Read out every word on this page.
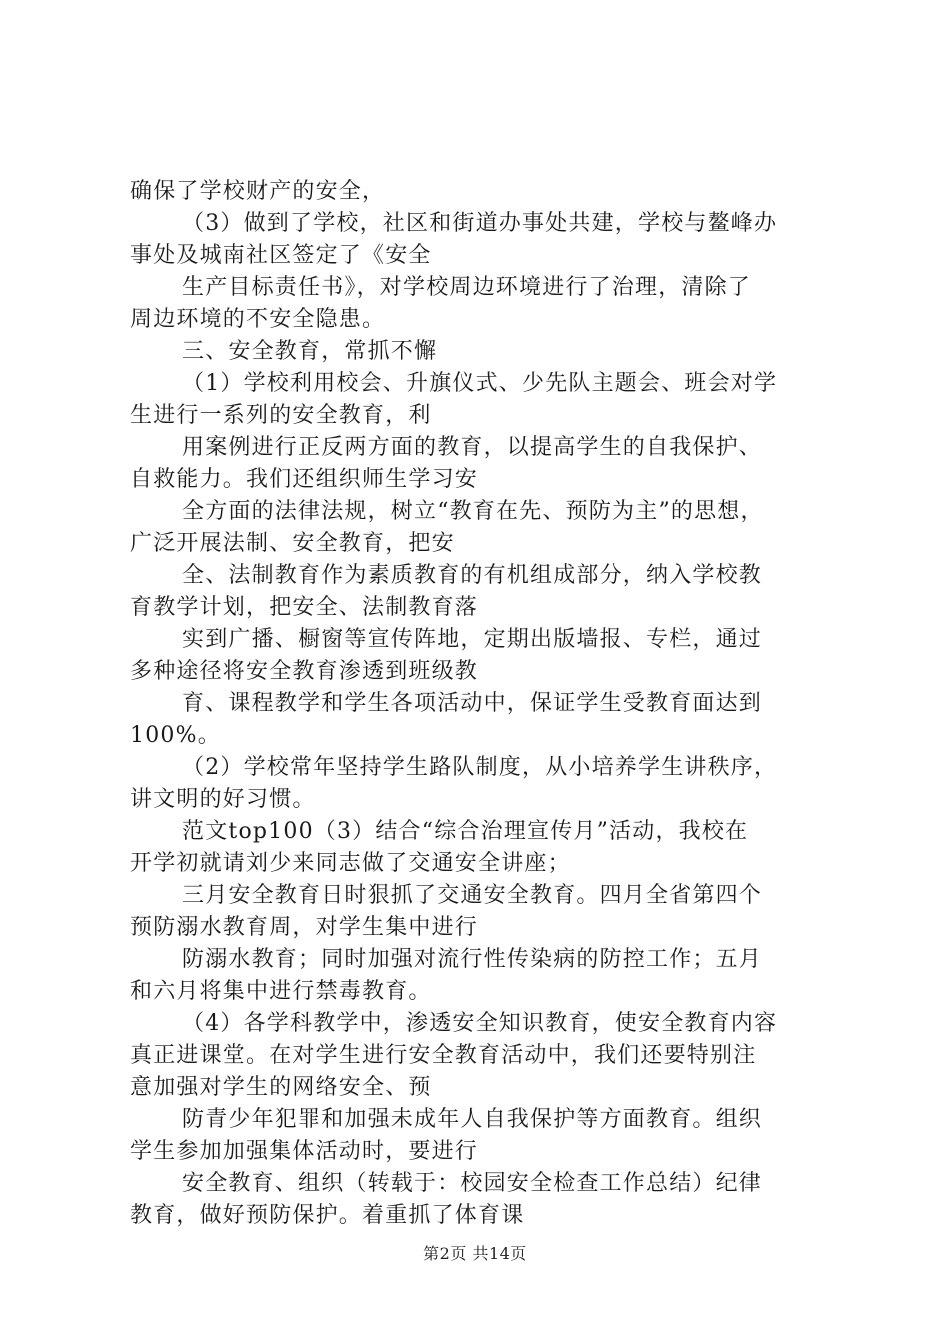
确保了学校财产的安全，
（3）做到了学校，社区和街道办事处共建，学校与鳌峰办
事处及城南社区签定了《安全
生产目标责任书》，对学校周边环境进行了治理，清除了
周边环境的不安全隐患。
三、安全教育，常抓不懈
（1）学校利用校会、升旗仪式、少先队主题会、班会对学
生进行一系列的安全教育，利
用案例进行正反两方面的教育，以提高学生的自我保护、
自救能力。我们还组织师生学习安
全方面的法律法规，树立“教育在先、预防为主”的思想，
广泛开展法制、安全教育，把安
全、法制教育作为素质教育的有机组成部分，纳入学校教
育教学计划，把安全、法制教育落
实到广播、橱窗等宣传阵地，定期出版墙报、专栏，通过
多种途径将安全教育渗透到班级教
育、课程教学和学生各项活动中，保证学生受教育面达到
100%。
（2）学校常年坚持学生路队制度，从小培养学生讲秩序，
讲文明的好习惯。
范文top100（3）结合“综合治理宣传月”活动，我校在
开学初就请刘少来同志做了交通安全讲座；
三月安全教育日时狠抓了交通安全教育。四月全省第四个
预防溺水教育周，对学生集中进行
防溺水教育；同时加强对流行性传染病的防控工作；五月
和六月将集中进行禁毒教育。
（4）各学科教学中，渗透安全知识教育，使安全教育内容
真正进课堂。在对学生进行安全教育活动中，我们还要特别注
意加强对学生的网络安全、预
防青少年犯罪和加强未成年人自我保护等方面教育。组织
学生参加加强集体活动时，要进行
安全教育、组织（转载于：校园安全检查工作总结）纪律
教育，做好预防保护。着重抓了体育课
第2页 共14页
